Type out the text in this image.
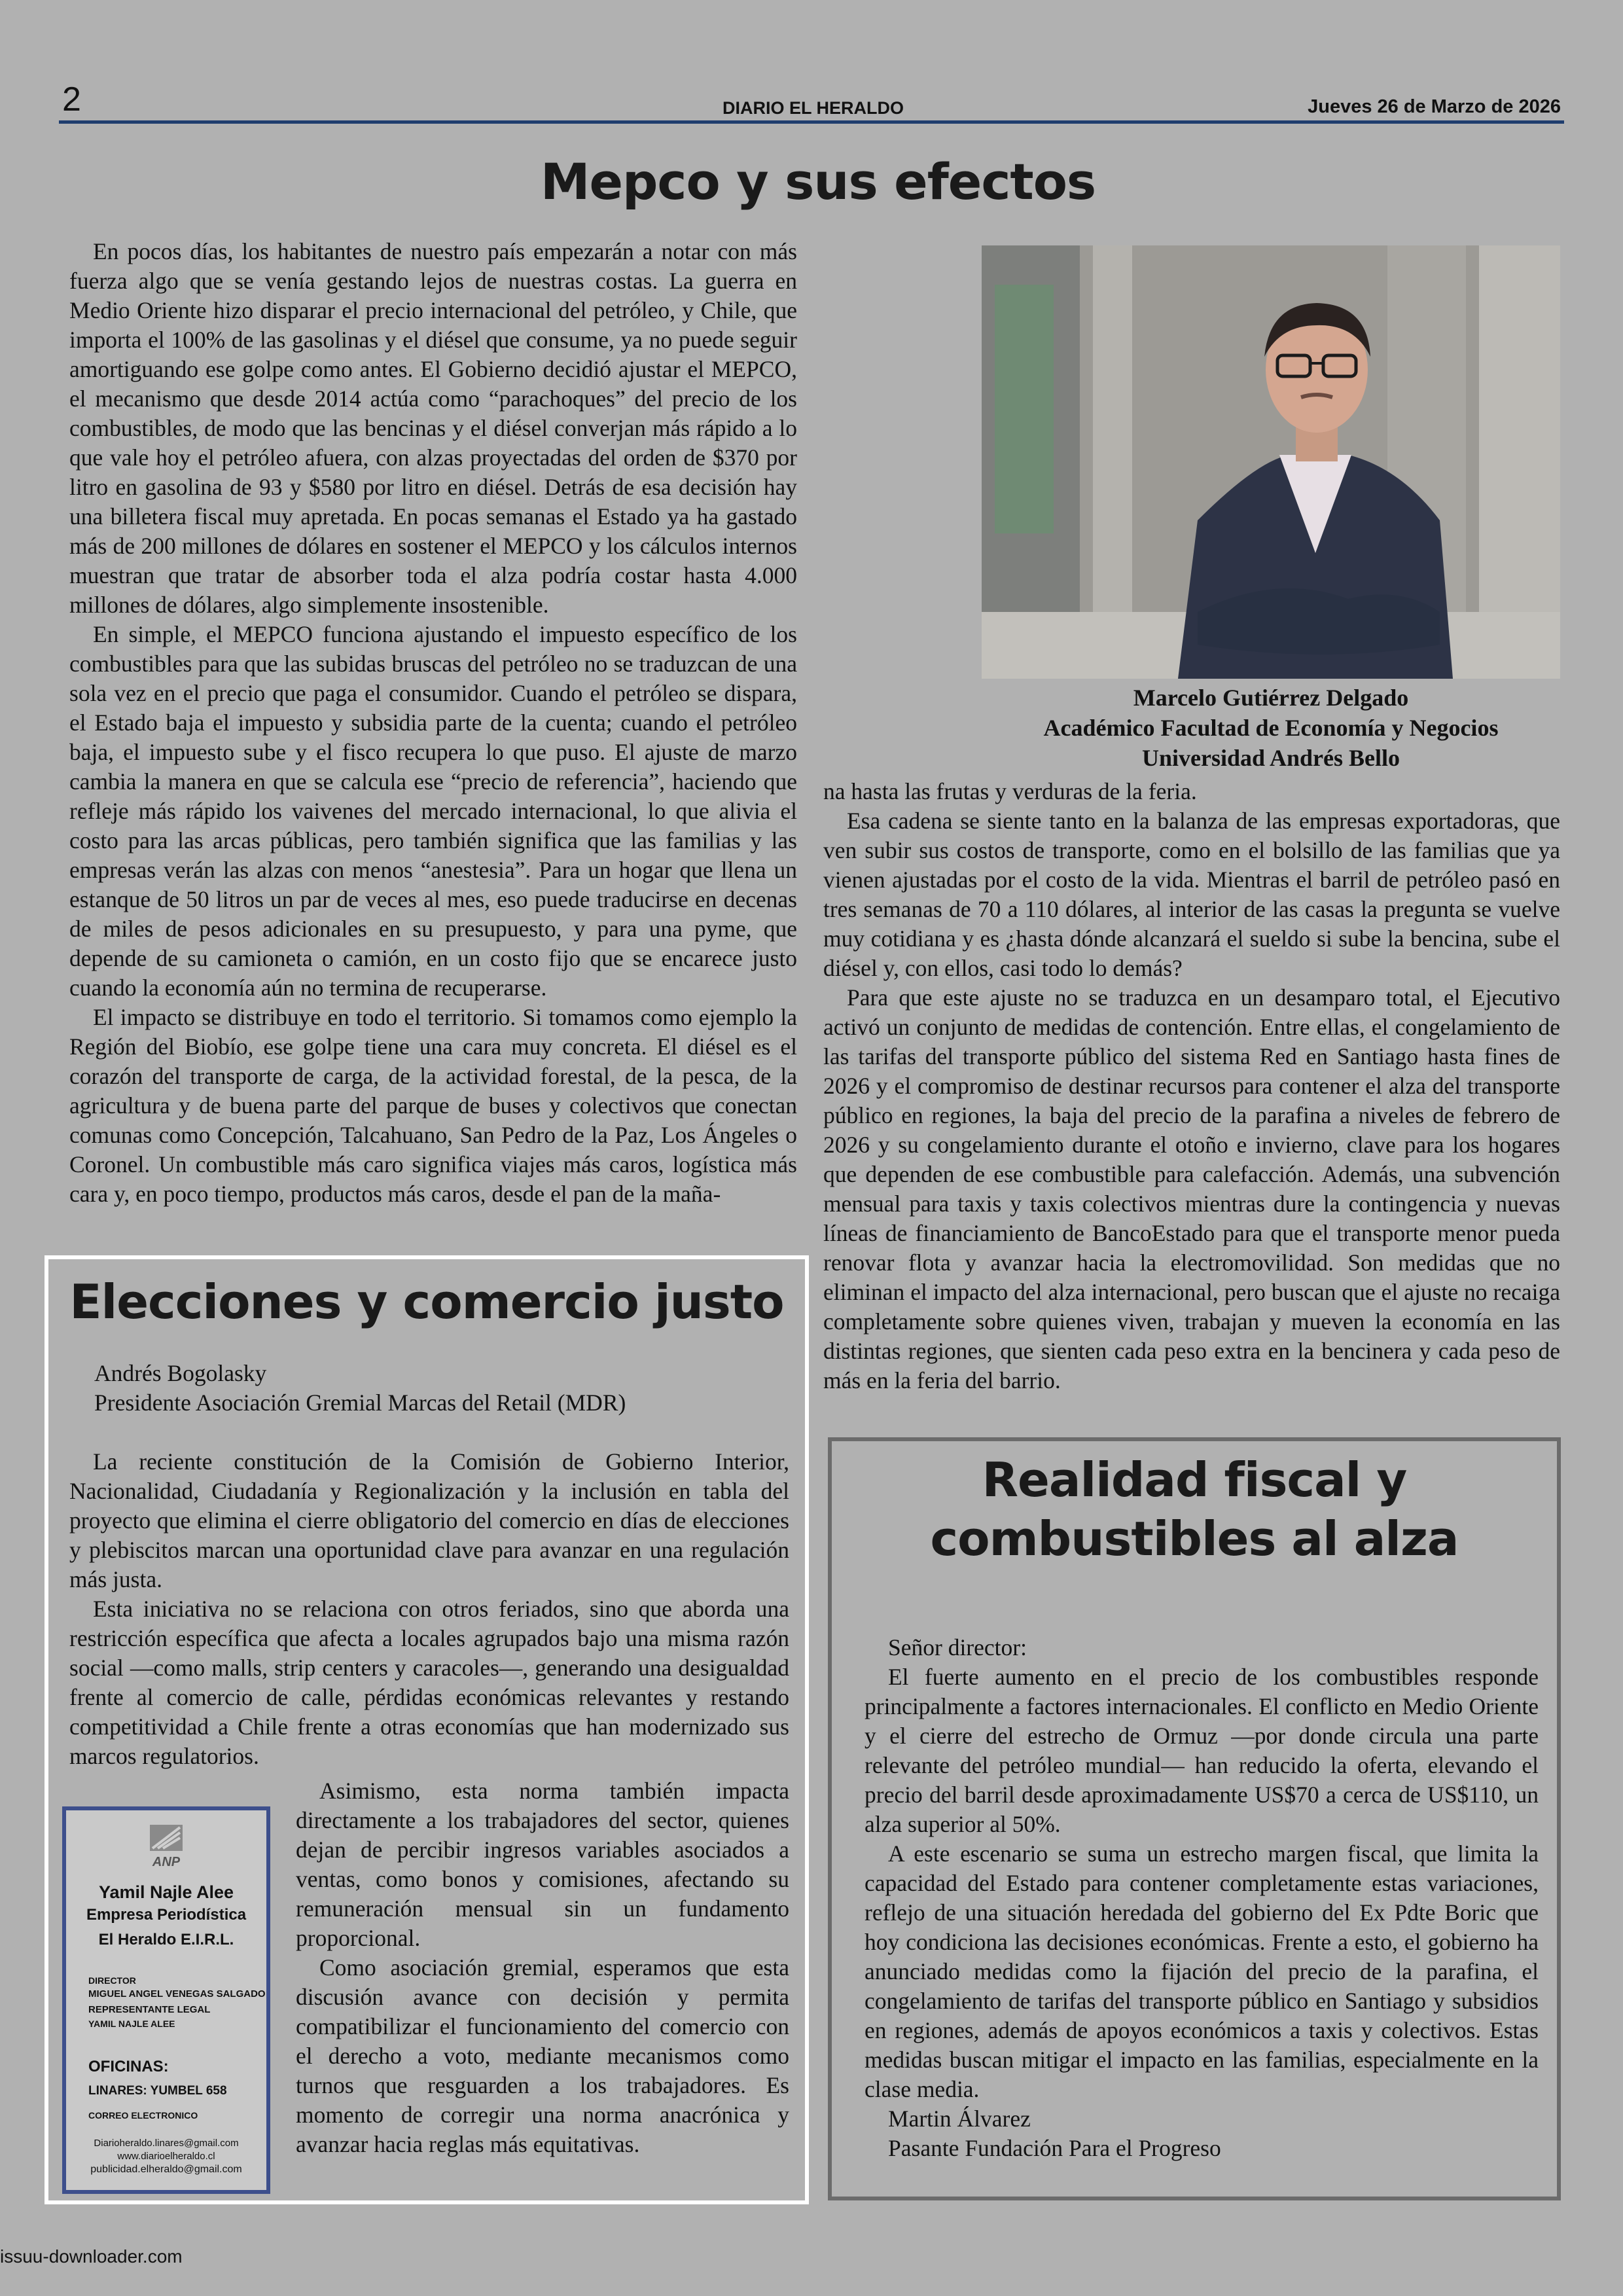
2	DIARIO EL HERALDO	Jueves 26 de Marzo de 2026
Mepco y sus efectos

En pocos días, los habitantes de nuestro país empezarán a notar con más fuerza algo que se venía gestando lejos de nuestras costas. La guerra en Medio Oriente hizo disparar el precio internacional del petróleo, y Chile, que importa el 100% de las gasolinas y el diésel que consume, ya no puede seguir amortiguando ese golpe como antes. El Gobierno decidió ajustar el MEPCO, el mecanismo que desde 2014 actúa como “parachoques” del precio de los combustibles, de modo que las bencinas y el diésel converjan más rápido a lo que vale hoy el petróleo afuera, con alzas proyectadas del orden de $370 por litro en gasolina de 93 y $580 por litro en diésel. Detrás de esa decisión hay una billetera fiscal muy apretada. En pocas semanas el Estado ya ha gastado más de 200 millones de dólares en sostener el MEPCO y los cálculos internos muestran que tratar de absorber toda el alza podría costar hasta 4.000 millones de dólares, algo simplemente insostenible.

En simple, el MEPCO funciona ajustando el impuesto específico de los combustibles para que las subidas bruscas del petróleo no se traduzcan de una sola vez en el precio que paga el consumidor. Cuando el petróleo se dispara, el Estado baja el impuesto y subsidia parte de la cuenta; cuando el petróleo baja, el impuesto sube y el fisco recupera lo que puso. El ajuste de marzo cambia la manera en que se calcula ese “precio de referencia”, haciendo que refleje más rápido los vaivenes del mercado internacional, lo que alivia el costo para las arcas públicas, pero también significa que las familias y las empresas verán las alzas con menos “anestesia”. Para un hogar que llena un estanque de 50 litros un par de veces al mes, eso puede traducirse en decenas de miles de pesos adicionales en su presupuesto, y para una pyme, que depende de su camioneta o camión, en un costo fijo que se encarece justo cuando la economía aún no termina de recuperarse.

El impacto se distribuye en todo el territorio. Si tomamos como ejemplo la Región del Biobío, ese golpe tiene una cara muy concreta. El diésel es el corazón del transporte de carga, de la actividad forestal, de la pesca, de la agricultura y de buena parte del parque de buses y colectivos que conectan comunas como Concepción, Talcahuano, San Pedro de la Paz, Los Ángeles o Coronel. Un combustible más caro significa viajes más caros, logística más cara y, en poco tiempo, productos más caros, desde el pan de la maña-

Marcelo Gutiérrez Delgado
Académico Facultad de Economía y Negocios
Universidad Andrés Bello

na hasta las frutas y verduras de la feria.

Esa cadena se siente tanto en la balanza de las empresas exportadoras, que ven subir sus costos de transporte, como en el bolsillo de las familias que ya vienen ajustadas por el costo de la vida. Mientras el barril de petróleo pasó en tres semanas de 70 a 110 dólares, al interior de las casas la pregunta se vuelve muy cotidiana y es ¿hasta dónde alcanzará el sueldo si sube la bencina, sube el diésel y, con ellos, casi todo lo demás?

Para que este ajuste no se traduzca en un desamparo total, el Ejecutivo activó un conjunto de medidas de contención. Entre ellas, el congelamiento de las tarifas del transporte público del sistema Red en Santiago hasta fines de 2026 y el compromiso de destinar recursos para contener el alza del transporte público en regiones, la baja del precio de la parafina a niveles de febrero de 2026 y su congelamiento durante el otoño e invierno, clave para los hogares que dependen de ese combustible para calefacción. Además, una subvención mensual para taxis y taxis colectivos mientras dure la contingencia y nuevas líneas de financiamiento de BancoEstado para que el transporte menor pueda renovar flota y avanzar hacia la electromovilidad. Son medidas que no eliminan el impacto del alza internacional, pero buscan que el ajuste no recaiga completamente sobre quienes viven, trabajan y mueven la economía en las distintas regiones, que sienten cada peso extra en la bencinera y cada peso de más en la feria del barrio.

Elecciones y comercio justo

Andrés Bogolasky

Presidente Asociación Gremial Marcas del Retail (MDR)

La reciente constitución de la Comisión de Gobierno Interior, Nacionalidad, Ciudadanía y Regionalización y la inclusión en tabla del proyecto que elimina el cierre obligatorio del comercio en días de elecciones y plebiscitos marcan una oportunidad clave para avanzar en una regulación más justa.

Esta iniciativa no se relaciona con otros feriados, sino que aborda una restricción específica que afecta a locales agrupados bajo una misma razón social —como malls, strip centers y caracoles—, generando una desigualdad frente al comercio de calle, pérdidas económicas relevantes y restando competitividad a Chile frente a otras economías que han modernizado sus marcos regulatorios.

Asimismo, esta norma también impacta directamente a los trabajadores del sector, quienes dejan de percibir ingresos variables asociados a ventas, como bonos y comisiones, afectando su remuneración mensual sin un fundamento proporcional.

Como asociación gremial, esperamos que esta discusión avance con decisión y permita compatibilizar el funcionamiento del comercio con el derecho a voto, mediante mecanismos como turnos que resguarden a los trabajadores. Es momento de corregir una norma anacrónica y avanzar hacia reglas más equitativas.

ANP
Yamil Najle Alee
Empresa Periodística
El Heraldo E.I.R.L.
DIRECTOR
MIGUEL ANGEL VENEGAS SALGADO
REPRESENTANTE LEGAL
YAMIL NAJLE ALEE
OFICINAS:
LINARES: YUMBEL 658
CORREO ELECTRONICO
Diarioheraldo.linares@gmail.com
www.diarioelheraldo.cl
publicidad.elheraldo@gmail.com
Realidad fiscal y
combustibles al alza

Señor director:

El fuerte aumento en el precio de los combustibles responde principalmente a factores internacionales. El conflicto en Medio Oriente y el cierre del estrecho de Ormuz —por donde circula una parte relevante del petróleo mundial— han reducido la oferta, elevando el precio del barril desde aproximadamente US$70 a cerca de US$110, un alza superior al 50%.

A este escenario se suma un estrecho margen fiscal, que limita la capacidad del Estado para contener completamente estas variaciones, reflejo de una situación heredada del gobierno del Ex Pdte Boric que hoy condiciona las decisiones económicas. Frente a esto, el gobierno ha anunciado medidas como la fijación del precio de la parafina, el congelamiento de tarifas del transporte público en Santiago y subsidios en regiones, además de apoyos económicos a taxis y colectivos. Estas medidas buscan mitigar el impacto en las familias, especialmente en la clase media.

Martin Álvarez

Pasante Fundación Para el Progreso

issuu-downloader.com
